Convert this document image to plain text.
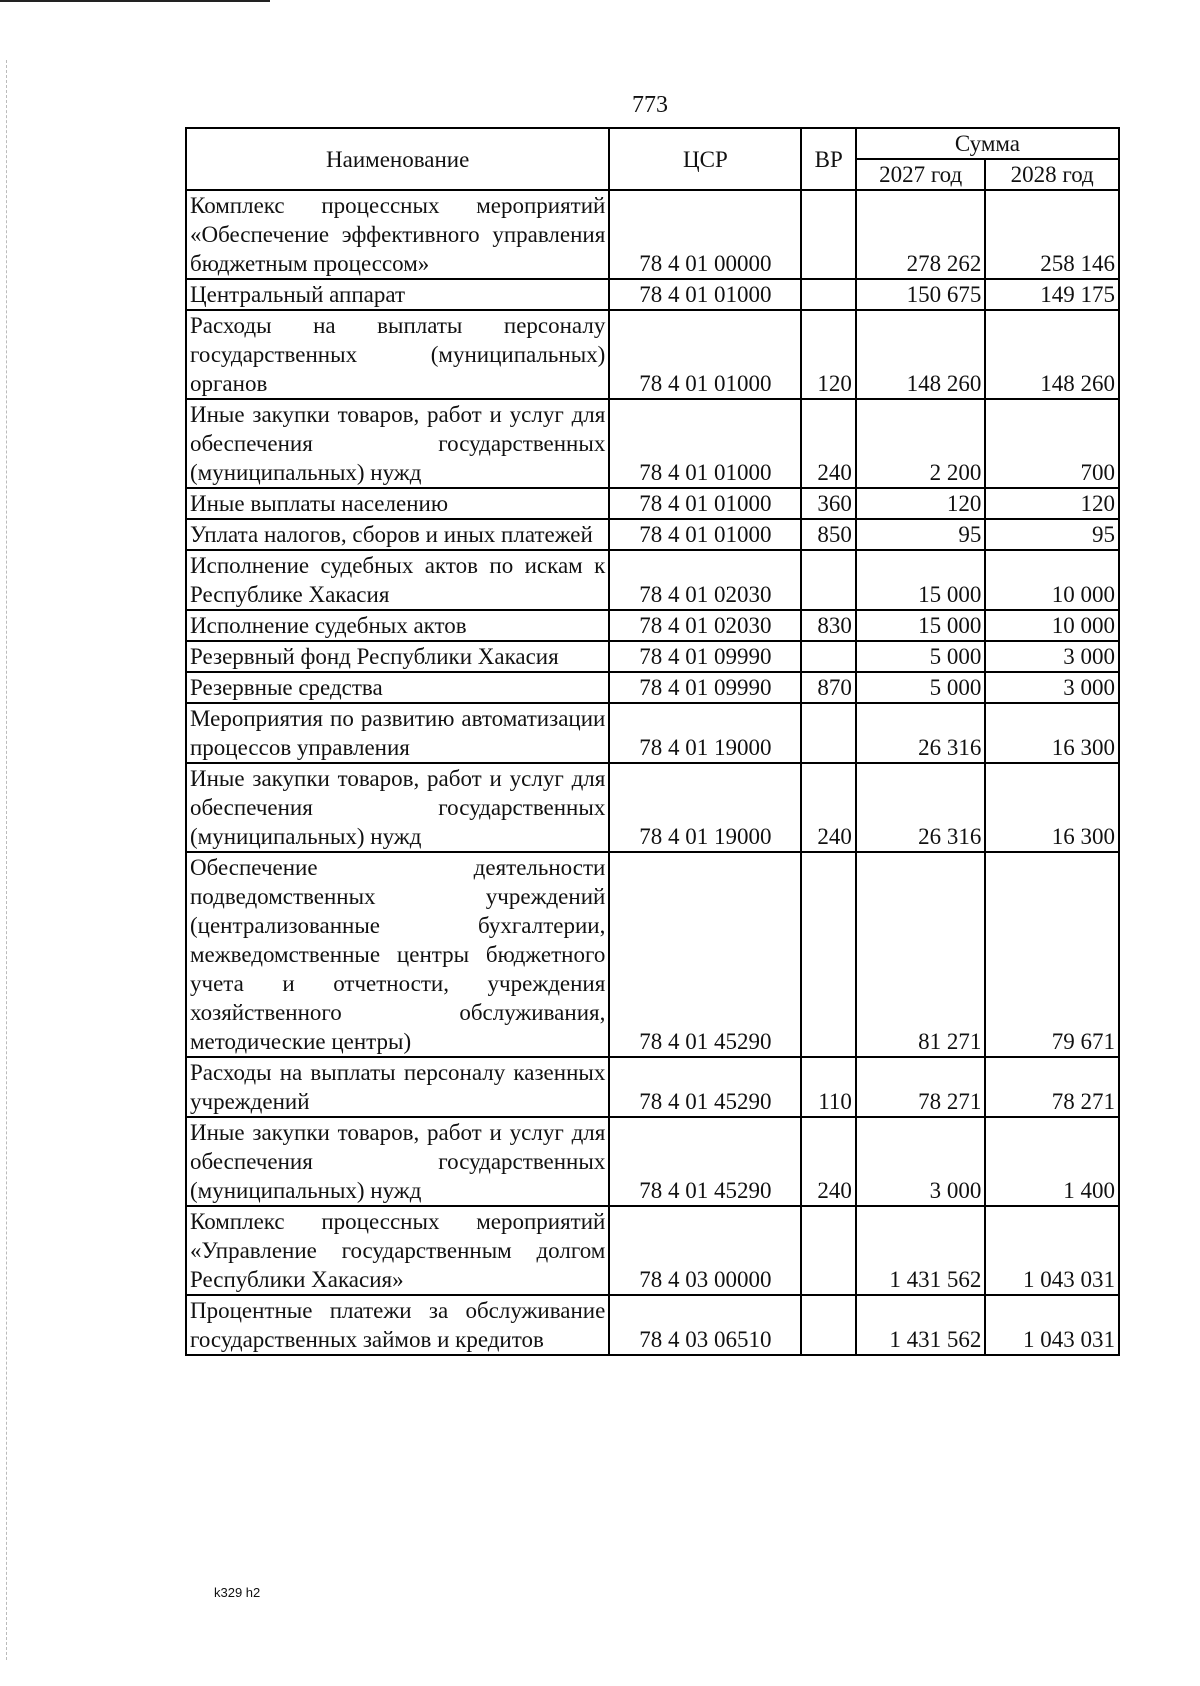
773
Наименование	ЦСР	ВР	Сумма	
			2027 год	2028 год
Комплекс процессных мероприятий «Обеспечение эффективного управления бюджетным процессом»	78 4 01 00000		278 262	258 146
Центральный аппарат	78 4 01 01000		150 675	149 175
Расходы на выплаты персоналу государственных (муниципальных) органов	78 4 01 01000	120	148 260	148 260
Иные закупки товаров, работ и услуг для обеспечения государственных (муниципальных) нужд	78 4 01 01000	240	2 200	700
Иные выплаты населению	78 4 01 01000	360	120	120
Уплата налогов, сборов и иных платежей	78 4 01 01000	850	95	95
Исполнение судебных актов по искам к Республике Хакасия	78 4 01 02030		15 000	10 000
Исполнение судебных актов	78 4 01 02030	830	15 000	10 000
Резервный фонд Республики Хакасия	78 4 01 09990		5 000	3 000
Резервные средства	78 4 01 09990	870	5 000	3 000
Мероприятия по развитию автоматизации процессов управления	78 4 01 19000		26 316	16 300
Иные закупки товаров, работ и услуг для обеспечения государственных (муниципальных) нужд	78 4 01 19000	240	26 316	16 300
Обеспечение деятельности подведомственных учреждений (централизованные бухгалтерии, межведомственные центры бюджетного учета и отчетности, учреждения хозяйственного обслуживания, методические центры)	78 4 01 45290		81 271	79 671
Расходы на выплаты персоналу казенных учреждений	78 4 01 45290	110	78 271	78 271
Иные закупки товаров, работ и услуг для обеспечения государственных (муниципальных) нужд	78 4 01 45290	240	3 000	1 400
Комплекс процессных мероприятий «Управление государственным долгом Республики Хакасия»	78 4 03 00000		1 431 562	1 043 031
Процентные платежи за обслуживание государственных займов и кредитов	78 4 03 06510		1 431 562	1 043 031
k329 h2
